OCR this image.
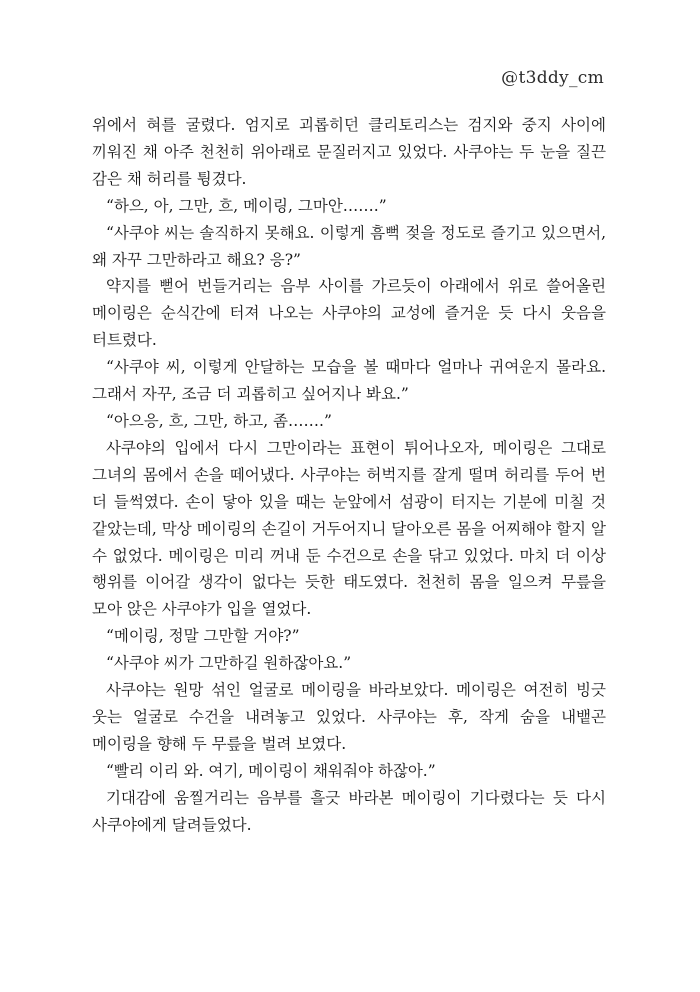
@t3ddy_cm

위에서 혀를 굴렸다. 엄지로 괴롭히던 클리토리스는 검지와 중지 사이에 끼워진 채 아주 천천히 위아래로 문질러지고 있었다. 사쿠야는 두 눈을 질끈 감은 채 허리를 튕겼다.

“하으, 아, 그만, 흐, 메이링, 그마안…….”

“사쿠야 씨는 솔직하지 못해요. 이렇게 흠뻑 젖을 정도로 즐기고 있으면서, 왜 자꾸 그만하라고 해요? 응?”

약지를 뻗어 번들거리는 음부 사이를 가르듯이 아래에서 위로 쓸어올린 메이링은 순식간에 터져 나오는 사쿠야의 교성에 즐거운 듯 다시 웃음을 터트렸다.

“사쿠야 씨, 이렇게 안달하는 모습을 볼 때마다 얼마나 귀여운지 몰라요. 그래서 자꾸, 조금 더 괴롭히고 싶어지나 봐요.”

“아으응, 흐, 그만, 하고, 좀…….”

사쿠야의 입에서 다시 그만이라는 표현이 튀어나오자, 메이링은 그대로 그녀의 몸에서 손을 떼어냈다. 사쿠야는 허벅지를 잘게 떨며 허리를 두어 번 더 들썩였다. 손이 닿아 있을 때는 눈앞에서 섬광이 터지는 기분에 미칠 것 같았는데, 막상 메이링의 손길이 거두어지니 달아오른 몸을 어찌해야 할지 알 수 없었다. 메이링은 미리 꺼내 둔 수건으로 손을 닦고 있었다. 마치 더 이상 행위를 이어갈 생각이 없다는 듯한 태도였다. 천천히 몸을 일으켜 무릎을 모아 앉은 사쿠야가 입을 열었다.

“메이링, 정말 그만할 거야?”

“사쿠야 씨가 그만하길 원하잖아요.”

사쿠야는 원망 섞인 얼굴로 메이링을 바라보았다. 메이링은 여전히 빙긋 웃는 얼굴로 수건을 내려놓고 있었다. 사쿠야는 후, 작게 숨을 내뱉곤 메이링을 향해 두 무릎을 벌려 보였다.

“빨리 이리 와. 여기, 메이링이 채워줘야 하잖아.”

기대감에 움찔거리는 음부를 흘긋 바라본 메이링이 기다렸다는 듯 다시 사쿠야에게 달려들었다.
